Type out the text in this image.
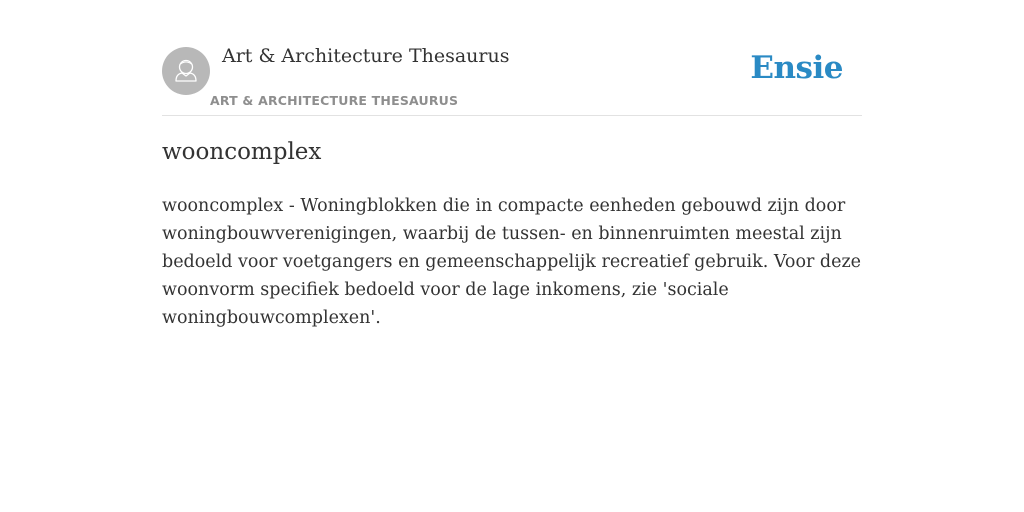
Art & Architecture Thesaurus
ART & ARCHITECTURE THESAURUS
Ensie
wooncomplex

wooncomplex - Woningblokken die in compacte eenheden gebouwd zijn door woningbouwverenigingen, waarbij de tussen- en binnenruimten meestal zijn bedoeld voor voetgangers en gemeenschappelijk recreatief gebruik. Voor deze woonvorm specifiek bedoeld voor de lage inkomens, zie 'sociale woningbouwcomplexen'.
